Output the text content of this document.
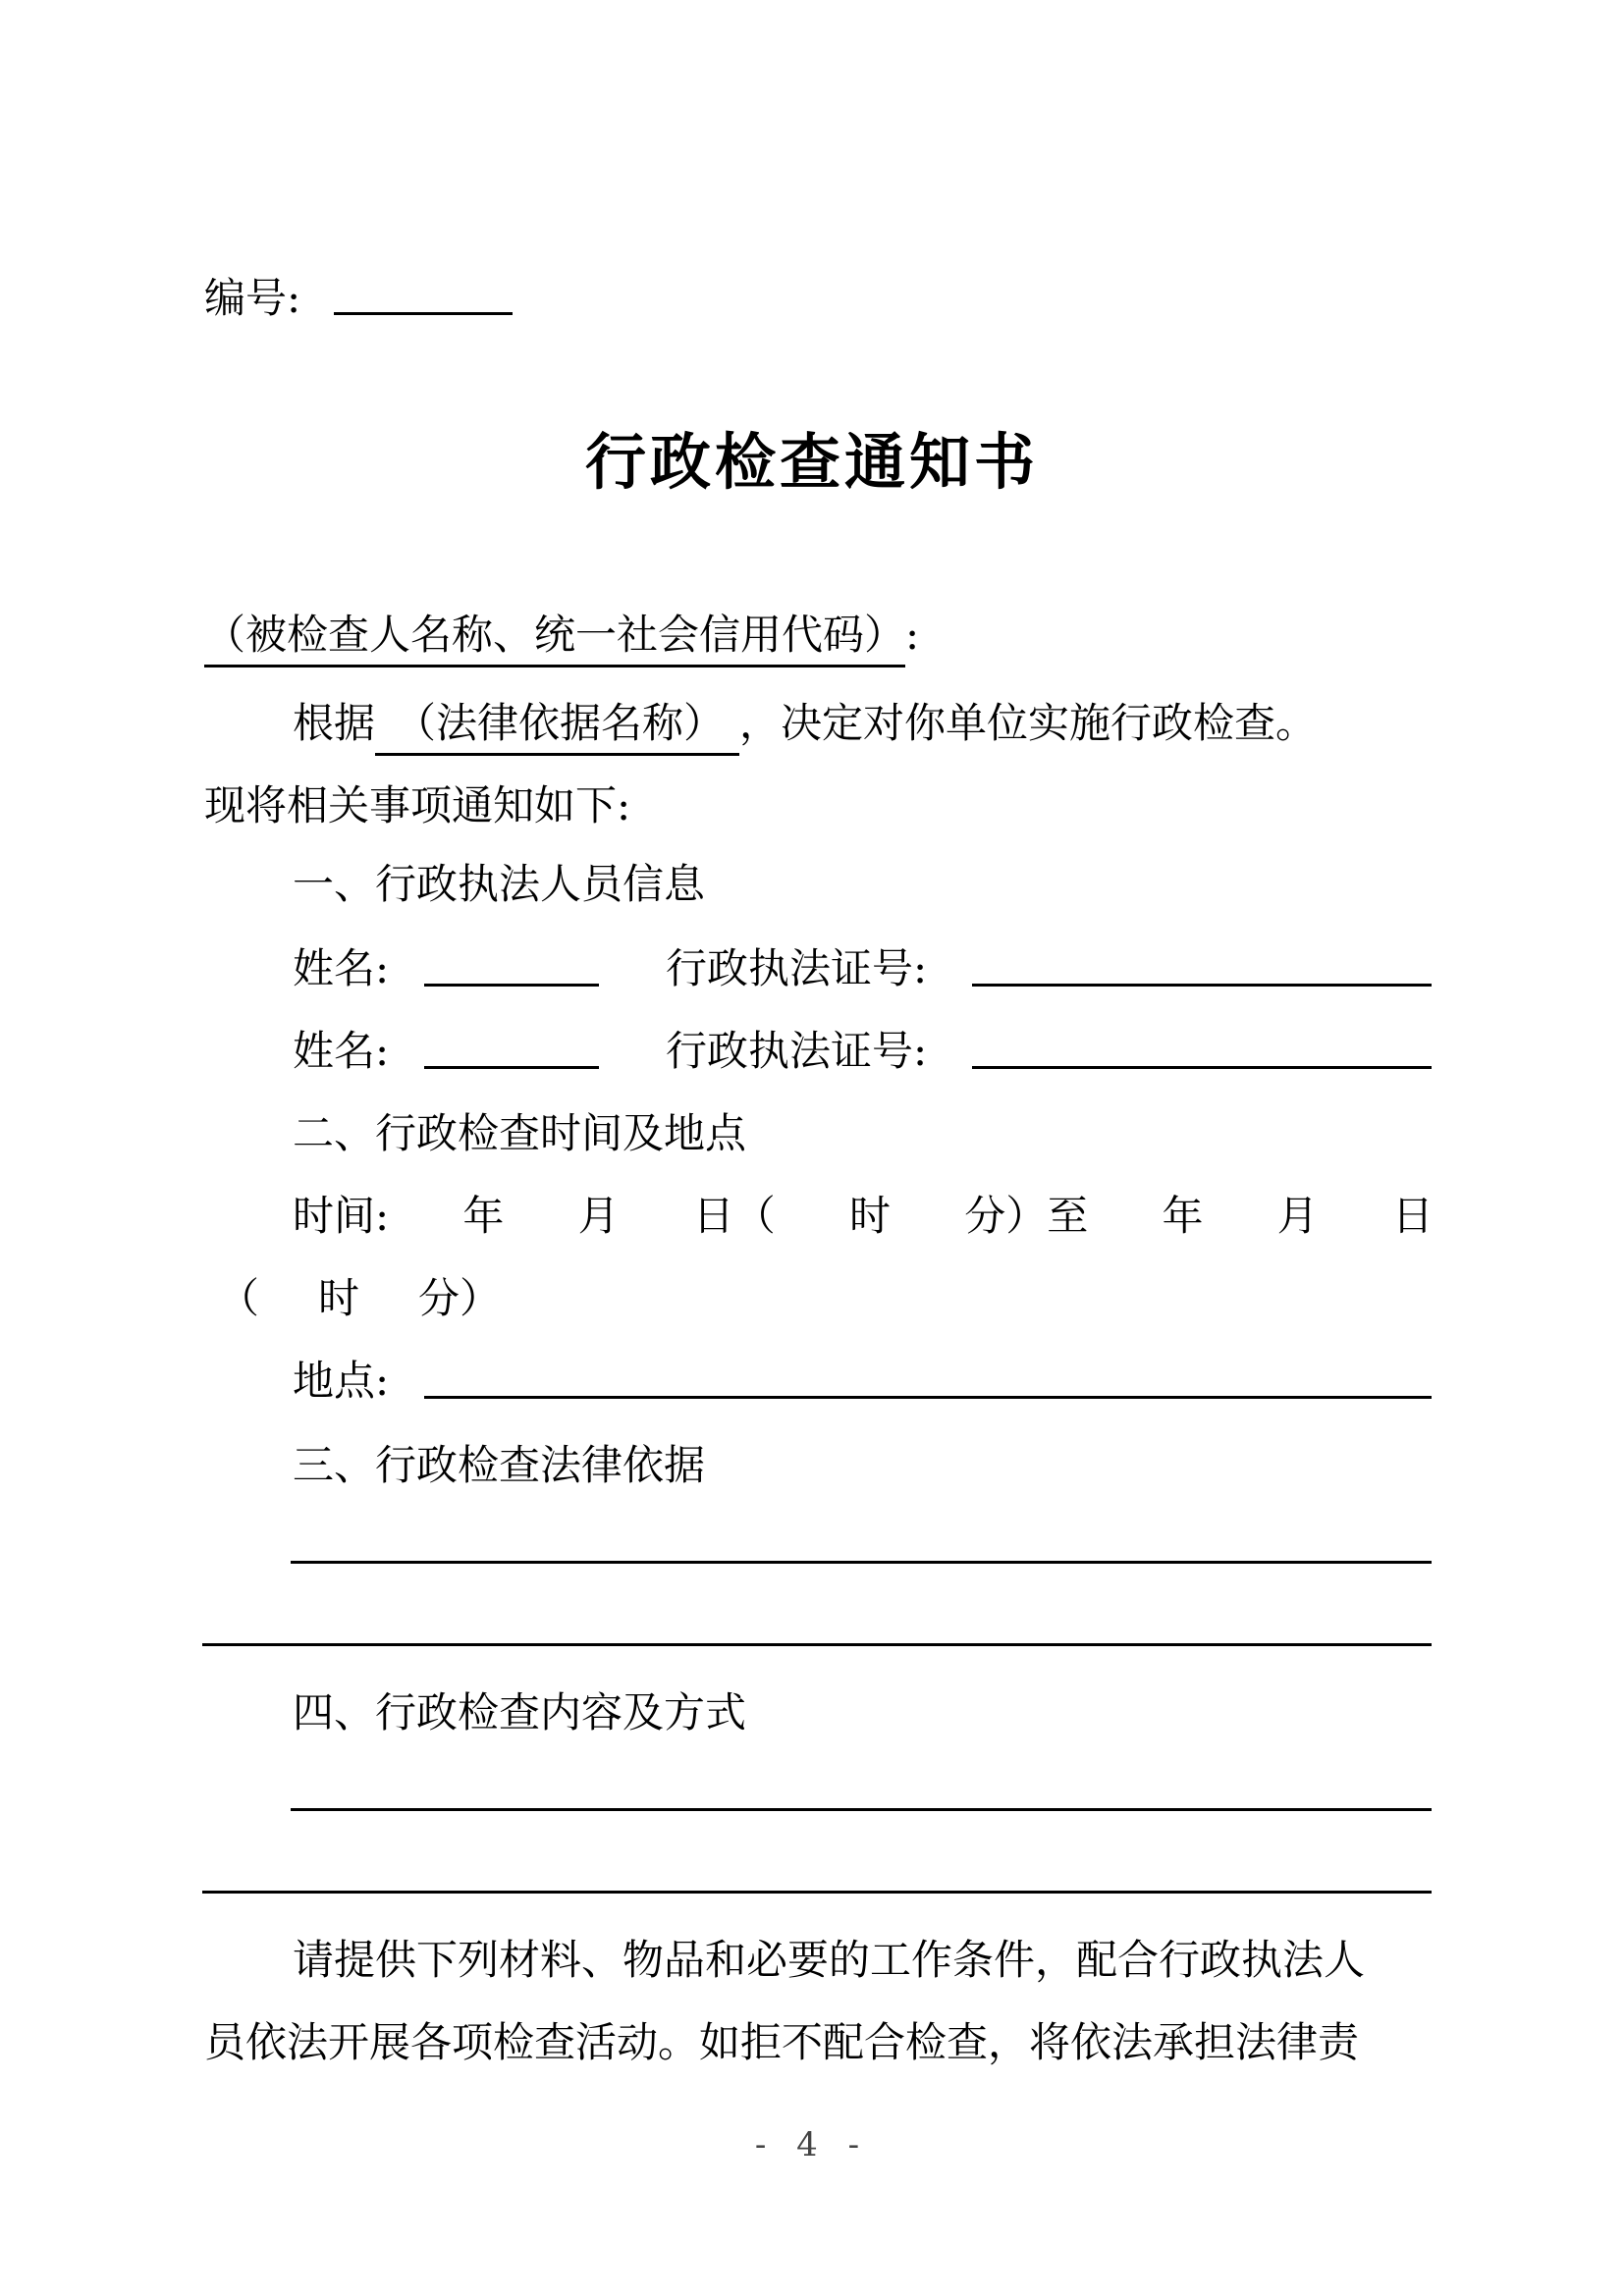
编号:
行政检查通知书
（被检查人名称、统一社会信用代码）:
根据 （法律依据名称） ，决定对你单位实施行政检查。
现将相关事项通知如下:
一、行政执法人员信息
姓名:	行政执法证号:
姓名:	行政执法证号:
二、行政检查时间及地点
时间: 年 月 日（ 时 分）至 年 月 日
（ 时 分）
地点:
三、行政检查法律依据
四、行政检查内容及方式
请提供下列材料、物品和必要的工作条件，配合行政执法人
员依法开展各项检查活动。如拒不配合检查，将依法承担法律责
- 4 -
